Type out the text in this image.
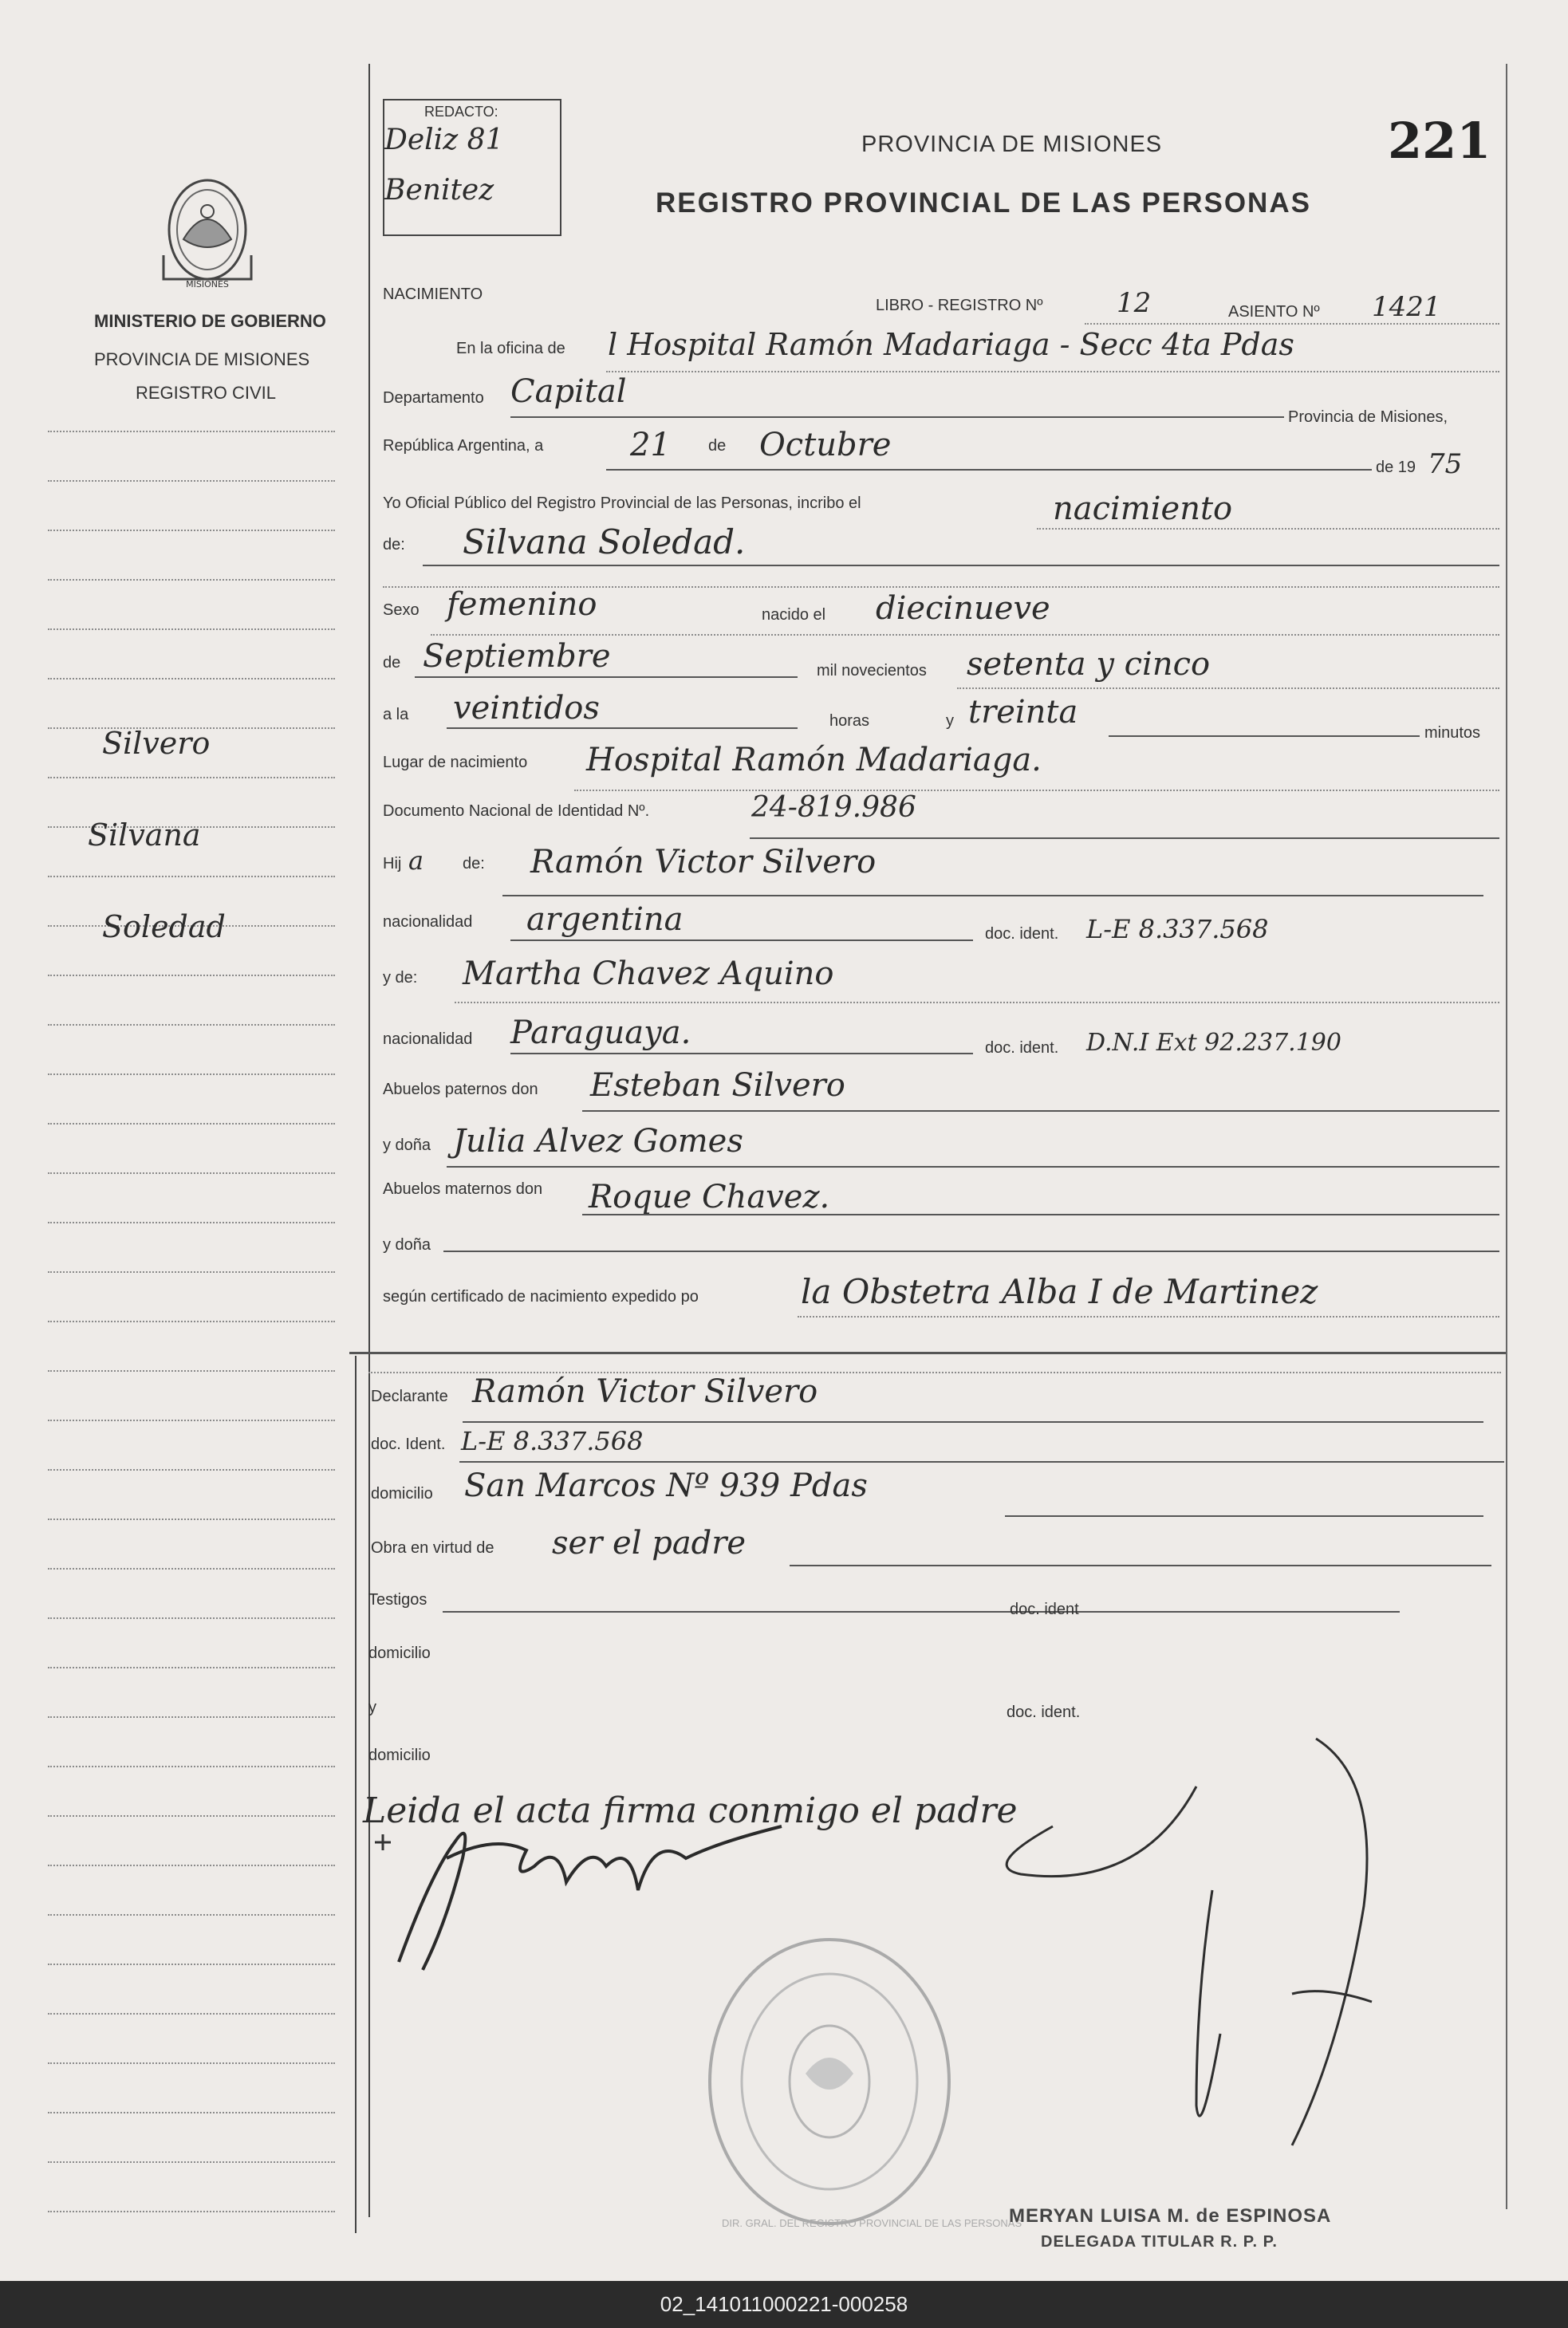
MISIONES
MINISTERIO DE GOBIERNO
PROVINCIA DE MISIONES
REGISTRO CIVIL
Silvero
Silvana
Soledad
REDACTO:
Deliz 81
Benitez
PROVINCIA DE MISIONES
REGISTRO PROVINCIAL DE LAS PERSONAS
221
NACIMIENTO
LIBRO - REGISTRO Nº	12	ASIENTO Nº 1421
En la oficina de l Hospital Ramón Madariaga - Secc 4ta Pdas
Departamento Capital
Provincia de Misiones,
República Argentina, a	21 de Octubre
de 19 75
Yo Oficial Público del Registro Provincial de las Personas, incribo el	nacimiento
de: Silvana Soledad.
Sexo femenino	nacido el diecinueve
de Septiembre	mil novecientos setenta y cinco
a la veintidos	horas	y treinta
minutos
Lugar de nacimiento Hospital Ramón Madariaga.
Documento Nacional de Identidad Nº.	24-819.986
Hij a de: Ramón Victor Silvero
nacionalidad argentina	doc. ident. L-E 8.337.568
y de: Martha Chavez Aquino
nacionalidad Paraguaya.	doc. ident. D.N.I Ext 92.237.190
Abuelos paternos don Esteban Silvero
y doña Julia Alvez Gomes
Abuelos maternos don Roque Chavez.
y doña
según certificado de nacimiento expedido po	la Obstetra Alba I de Martinez
Declarante Ramón Victor Silvero
doc. Ident. L-E 8.337.568
domicilio San Marcos Nº 939 Pdas
Obra en virtud de ser el padre
Testigos
doc. ident
domicilio
y	doc. ident.
domicilio
Leida el acta firma conmigo el padre
DIR. GRAL. DEL REGISTRO PROVINCIAL DE LAS PERSONAS
MERYAN LUISA M. de ESPINOSA
DELEGADA TITULAR R. P. P.
02_141011000221-000258
